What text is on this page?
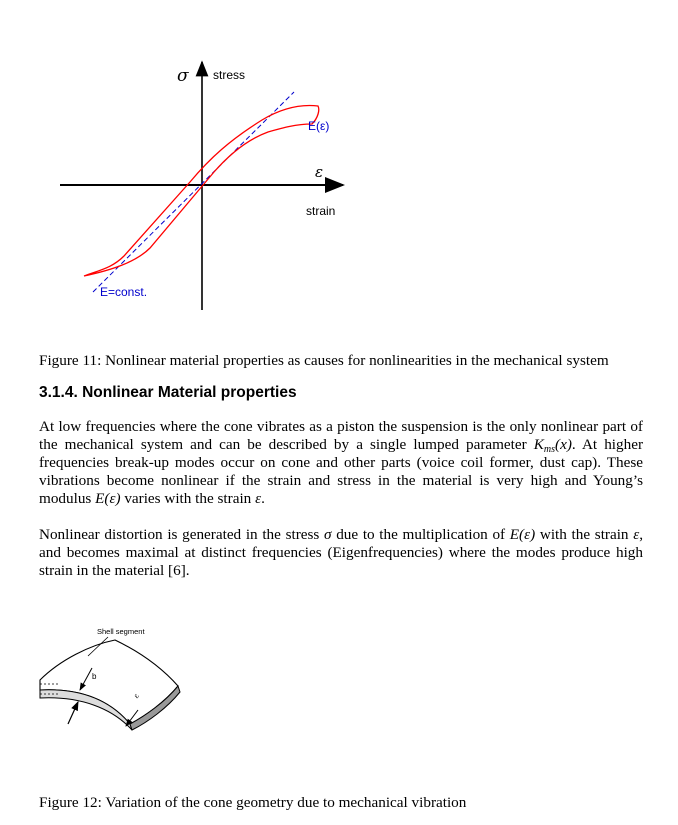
σ stress
E(ε)
ε
strain
E=const.
Figure 11: Nonlinear material properties as causes for nonlinearities in the mechanical system
3.1.4. Nonlinear Material properties

At low frequencies where the cone vibrates as a piston the suspension is the only nonlinear part of the mechanical system and can be described by a single lumped parameter $K_{ms}(x)$. At higher frequencies break-up modes occur on cone and other parts (voice coil former, dust cap). These vibrations become nonlinear if the strain and stress in the material is very high and Young’s modulus E(ε) varies with the strain ε.

Nonlinear distortion is generated in the stress σ due to the multiplication of E(ε) with the strain ε, and becomes maximal at distinct frequencies (Eigenfrequencies) where the modes produce high strain in the material [6].

Shell segment
b
ε
Figure 12: Variation of the cone geometry due to mechanical vibration
